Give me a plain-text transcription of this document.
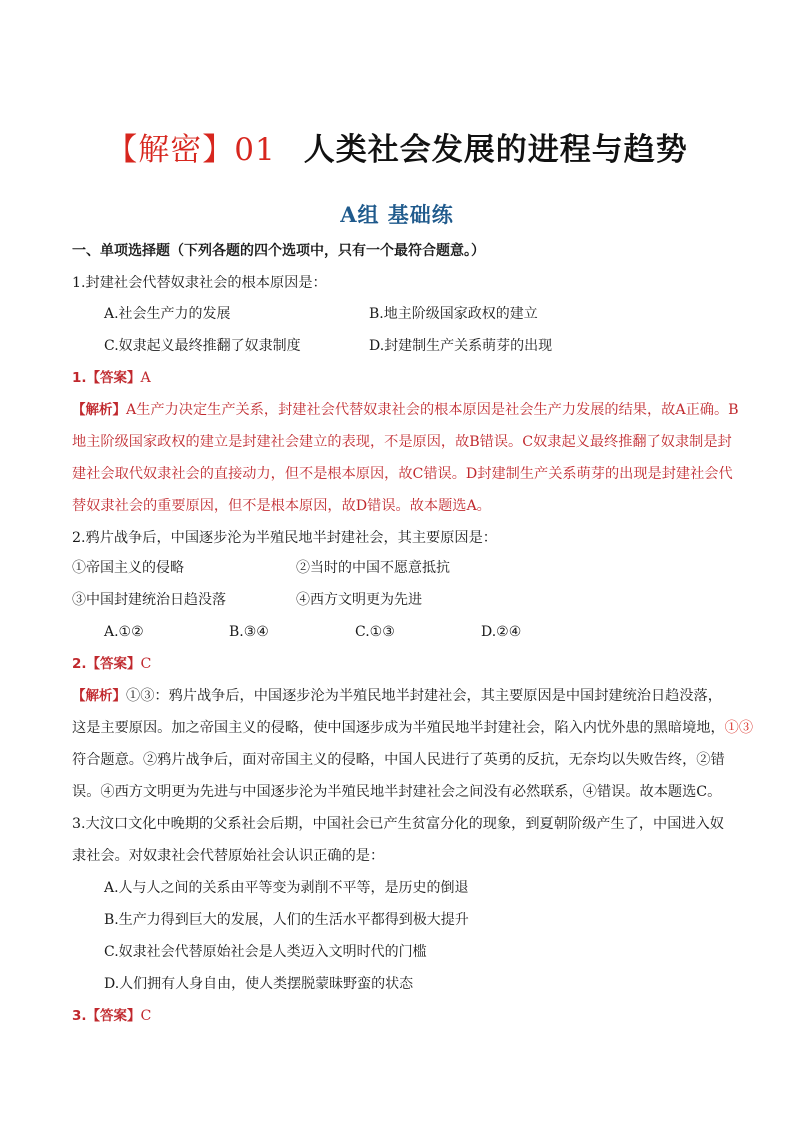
【解密】01 人类社会发展的进程与趋势
A组 基础练
一、单项选择题（下列各题的四个选项中，只有一个最符合题意。）
1.封建社会代替奴隶社会的根本原因是：
A.社会生产力的发展	B.地主阶级国家政权的建立
C.奴隶起义最终推翻了奴隶制度	D.封建制生产关系萌芽的出现
1.【答案】A
【解析】A生产力决定生产关系，封建社会代替奴隶社会的根本原因是社会生产力发展的结果，故A正确。B
地主阶级国家政权的建立是封建社会建立的表现，不是原因，故B错误。C奴隶起义最终推翻了奴隶制是封
建社会取代奴隶社会的直接动力，但不是根本原因，故C错误。D封建制生产关系萌芽的出现是封建社会代
替奴隶社会的重要原因，但不是根本原因，故D错误。故本题选A。
2.鸦片战争后，中国逐步沦为半殖民地半封建社会，其主要原因是：
①帝国主义的侵略	②当时的中国不愿意抵抗
③中国封建统治日趋没落	④西方文明更为先进
A.①②	B.③④	C.①③	D.②④
2.【答案】C
【解析】①③：鸦片战争后，中国逐步沦为半殖民地半封建社会，其主要原因是中国封建统治日趋没落，
这是主要原因。加之帝国主义的侵略，使中国逐步成为半殖民地半封建社会，陷入内忧外患的黑暗境地，①③
符合题意。②鸦片战争后，面对帝国主义的侵略，中国人民进行了英勇的反抗，无奈均以失败告终，②错
误。④西方文明更为先进与中国逐步沦为半殖民地半封建社会之间没有必然联系，④错误。故本题选C。
3.大汶口文化中晚期的父系社会后期，中国社会已产生贫富分化的现象，到夏朝阶级产生了，中国进入奴
隶社会。对奴隶社会代替原始社会认识正确的是：
A.人与人之间的关系由平等变为剥削不平等，是历史的倒退
B.生产力得到巨大的发展，人们的生活水平都得到极大提升
C.奴隶社会代替原始社会是人类迈入文明时代的门槛
D.人们拥有人身自由，使人类摆脱蒙昧野蛮的状态
3.【答案】C
